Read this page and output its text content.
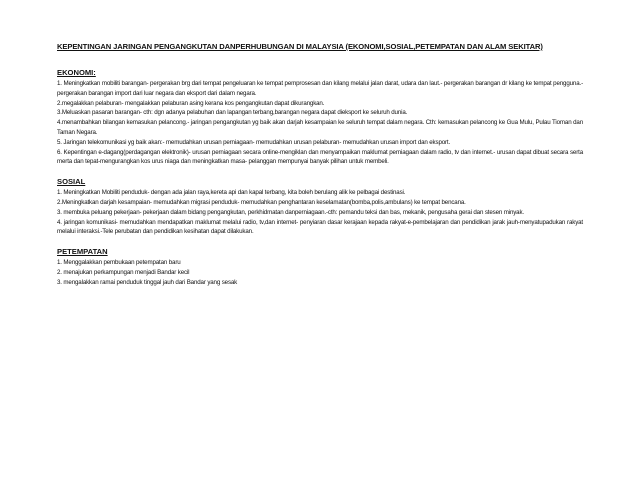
KEPENTINGAN JARINGAN PENGANGKUTAN DANPERHUBUNGAN DI MALAYSIA (EKONOMI,SOSIAL,PETEMPATAN DAN ALAM SEKITAR)
EKONOMI:

1. Meningkatkan mobiliti barangan- pergerakan brg dari tempat pengeluaran ke tempat pemprosesan dan kilang melalui jalan darat, udara dan laut.- pergerakan barangan dr kilang ke tempat pengguna.- pergerakan barangan import dari luar negara dan eksport dari dalam negara.

2.megalakkan pelaburan- mengalakkan pelaburan asing kerana kos pengangkutan dapat dikurangkan.

3.Meluaskan pasaran barangan- cth: dgn adanya pelabuhan dan lapangan terbang,barangan negara dapat dieksport ke seluruh dunia.

4.menambahkan bilangan kemasukan pelancong.- jaringan pengangkutan yg baik akan darjah kesampaian ke seluruh tempat dalam negara. Cth: kemasukan pelancong ke Gua Mulu, Pulau Tioman dan Taman Negara.

5. Jaringan telekomunikasi yg baik akan:- memudahkan urusan perniagaan- memudahkan urusan pelaburan- memudahkan urusan import dan eksport.

6. Kepentingan e-dagang(perdagangan elektronik)- urusan perniagaan secara online-mengiklan dan menyampaikan maklumat perniagaan dalam radio, tv dan internet.- urusan dapat dibuat secara serta merta dan tepat-mengurangkan kos urus niaga dan meningkatkan masa- pelanggan mempunyai banyak pilihan untuk membeli.

SOSIAL

1. Meningkatkan Mobiliti penduduk- dengan ada jalan raya,kereta api dan kapal terbang, kita boleh berulang alik ke pelbagai destinasi.

2.Meningkatkan darjah kesampaian- memudahkan migrasi penduduk- memudahkan penghantaran keselamatan(bomba,polis,ambulans) ke tempat bencana.

3. membuka peluang pekerjaan- pekerjaan dalam bidang pengangkutan, perkhidmatan danperniagaan.-cth: pemandu teksi dan bas, mekanik, pengusaha gerai dan stesen minyak.

4. jaringan komunikasi- memudahkan mendapatkan maklumat melalui radio, tv,dan internet- penyiaran dasar kerajaan kepada rakyat-e-pembelajaran dan pendidikan jarak jauh-menyatupadukan rakyat melalui interaksi.-Tele perubatan dan pendidikan kesihatan dapat dilakukan.

PETEMPATAN

1. Menggalakkan pembukaan petempatan baru

2. menajukan perkampungan menjadi Bandar kecil

3. mengalakkan ramai penduduk tinggal jauh dari Bandar yang sesak
